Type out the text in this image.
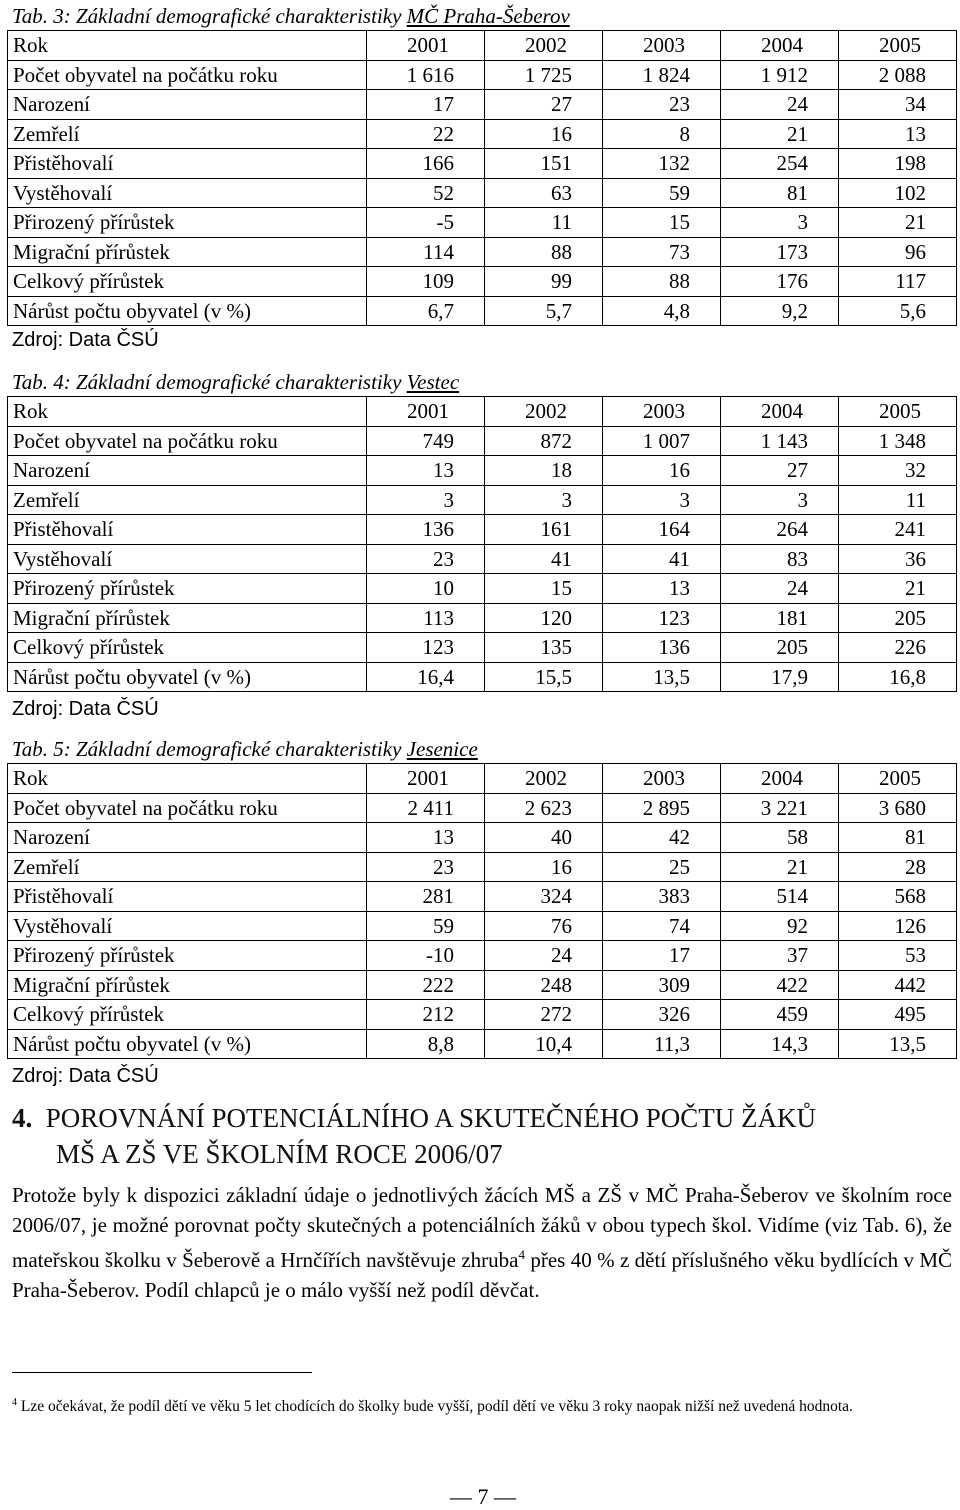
Tab. 3: Základní demografické charakteristiky MČ Praha-Šeberov
Rok	2001	2002	2003	2004	2005
Počet obyvatel na počátku roku	1 616	1 725	1 824	1 912	2 088
Narození	17	27	23	24	34
Zemřelí	22	16	8	21	13
Přistěhovalí	166	151	132	254	198
Vystěhovalí	52	63	59	81	102
Přirozený přírůstek	-5	11	15	3	21
Migrační přírůstek	114	88	73	173	96
Celkový přírůstek	109	99	88	176	117
Nárůst počtu obyvatel (v %)	6,7	5,7	4,8	9,2	5,6
Zdroj: Data ČSÚ
Tab. 4: Základní demografické charakteristiky Vestec
Rok	2001	2002	2003	2004	2005
Počet obyvatel na počátku roku	749	872	1 007	1 143	1 348
Narození	13	18	16	27	32
Zemřelí	3	3	3	3	11
Přistěhovalí	136	161	164	264	241
Vystěhovalí	23	41	41	83	36
Přirozený přírůstek	10	15	13	24	21
Migrační přírůstek	113	120	123	181	205
Celkový přírůstek	123	135	136	205	226
Nárůst počtu obyvatel (v %)	16,4	15,5	13,5	17,9	16,8
Zdroj: Data ČSÚ
Tab. 5: Základní demografické charakteristiky Jesenice
Rok	2001	2002	2003	2004	2005
Počet obyvatel na počátku roku	2 411	2 623	2 895	3 221	3 680
Narození	13	40	42	58	81
Zemřelí	23	16	25	21	28
Přistěhovalí	281	324	383	514	568
Vystěhovalí	59	76	74	92	126
Přirozený přírůstek	-10	24	17	37	53
Migrační přírůstek	222	248	309	422	442
Celkový přírůstek	212	272	326	459	495
Nárůst počtu obyvatel (v %)	8,8	10,4	11,3	14,3	13,5
Zdroj: Data ČSÚ
4. POROVNÁNÍ POTENCIÁLNÍHO A SKUTEČNÉHO POČTU ŽÁKŮ
MŠ A ZŠ VE ŠKOLNÍM ROCE 2006/07
Protože byly k dispozici základní údaje o jednotlivých žácích MŠ a ZŠ v MČ Praha-Šeberov ve školním roce 2006/07, je možné porovnat počty skutečných a potenciálních žáků v obou typech škol. Vidíme (viz Tab. 6), že mateřskou školku v Šeberově a Hrnčířích navštěvuje zhruba$^4$ přes 40 % z dětí příslušného věku bydlících v MČ Praha-Šeberov. Podíl chlapců je o málo vyšší než podíl děvčat.
$^4$ Lze očekávat, že podíl dětí ve věku 5 let chodících do školky bude vyšší, podíl dětí ve věku 3 roky naopak nižší než uvedená hodnota.
— 7 —
